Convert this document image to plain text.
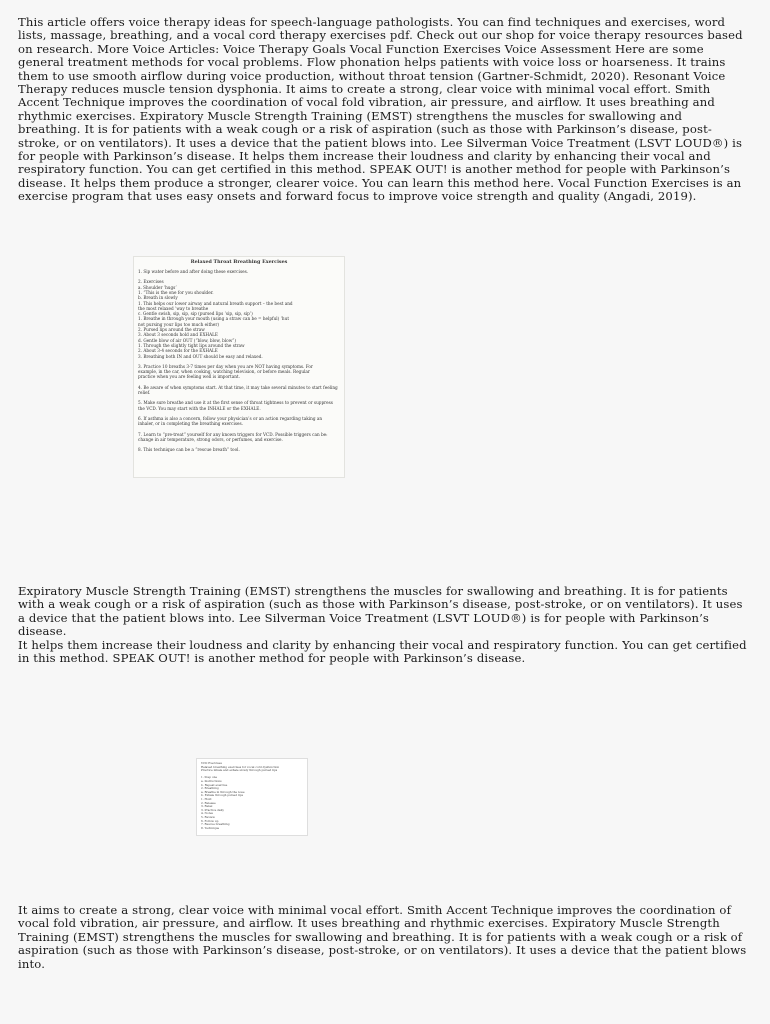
This article offers voice therapy ideas for speech-language pathologists. You can find techniques and exercises, word
lists, massage, breathing, and a vocal cord therapy exercises pdf. Check out our shop for voice therapy resources based
on research. More Voice Articles: Voice Therapy Goals Vocal Function Exercises Voice Assessment Here are some
general treatment methods for vocal problems. Flow phonation helps patients with voice loss or hoarseness. It trains
them to use smooth airflow during voice production, without throat tension (Gartner-Schmidt, 2020). Resonant Voice
Therapy reduces muscle tension dysphonia. It aims to create a strong, clear voice with minimal vocal effort. Smith
Accent Technique improves the coordination of vocal fold vibration, air pressure, and airflow. It uses breathing and
rhythmic exercises. Expiratory Muscle Strength Training (EMST) strengthens the muscles for swallowing and
breathing. It is for patients with a weak cough or a risk of aspiration (such as those with Parkinson’s disease, post-
stroke, or on ventilators). It uses a device that the patient blows into. Lee Silverman Voice Treatment (LSVT LOUD®) is
for people with Parkinson’s disease. It helps them increase their loudness and clarity by enhancing their vocal and
respiratory function. You can get certified in this method. SPEAK OUT! is another method for people with Parkinson’s
disease. It helps them produce a stronger, clearer voice. You can learn this method here. Vocal Function Exercises is an
exercise program that uses easy onsets and forward focus to improve voice strength and quality (Angadi, 2019).
Relaxed Throat Breathing Exercises
1. Sip water before and after doing these exercises.
2. Exercises
a. Shoulder ‘hugs’
1. “This is the one for you shoulder.
b. Breath in slowly
1. This helps our lower airway and natural breath support – the best and
the most relaxed ‘way to breathe
c. Gentle swish, sip, sip, sip (pursed lips ‘sip, sip, sip’)
1. Breathe in through your mouth (using a straw can be = helpful) ‘hut
not pursing your lips too much either)
2. Pursed lips around the straw
3. About 3 seconds hold and EXHALE
d. Gentle blow of air OUT (“blow, blow, blow”)
1. Through the slightly tight lips around the straw
2. About 3-4 seconds for the EXHALE
3. Breathing both IN and OUT should be easy and relaxed.
3. Practice 10 breaths 3-7 times per day when you are NOT having symptoms. For
example, in the car, when cooking, watching television, or before meals. Regular
practice when you are feeling well is important.
4. Be aware of when symptoms start. At that time, it may take several minutes to start feeling
relief.
5. Make sure breathe and use it at the first sense of throat tightness to prevent or suppress
the VCD. You may start with the INHALE or the EXHALE.
6. If asthma is also a concern, follow your physician’s or an action regarding taking an
inhaler, or in completing the breathing exercises.
7. Learn to “pre-treat” yourself for any known triggers for VCD. Possible triggers can be:
change in air temperature, strong odors, or perfumes, and exercise.
8. This technique can be a “rescue breath” tool.
Expiratory Muscle Strength Training (EMST) strengthens the muscles for swallowing and breathing. It is for patients
with a weak cough or a risk of aspiration (such as those with Parkinson’s disease, post-stroke, or on ventilators). It uses
a device that the patient blows into. Lee Silverman Voice Treatment (LSVT LOUD®) is for people with Parkinson’s
disease.
It helps them increase their loudness and clarity by enhancing their vocal and respiratory function. You can get certified
in this method. SPEAK OUT! is another method for people with Parkinson’s disease.
VCD Exercises
Relaxed breathing exercises for vocal cord dysfunction
Practice inhale and exhale slowly through pursed lips
1. Step one
a. Instructions
b. Repeat exercise
2. Breathing
a. Breathe in through the nose
b. Exhale through pursed lips
1. Hold
2. Release
3. Relax
3. Practice daily
4. Notes
5. Review
6. Follow up
7. Rescue breathing
8. Technique
It aims to create a strong, clear voice with minimal vocal effort. Smith Accent Technique improves the coordination of
vocal fold vibration, air pressure, and airflow. It uses breathing and rhythmic exercises. Expiratory Muscle Strength
Training (EMST) strengthens the muscles for swallowing and breathing. It is for patients with a weak cough or a risk of
aspiration (such as those with Parkinson’s disease, post-stroke, or on ventilators). It uses a device that the patient blows
into.
